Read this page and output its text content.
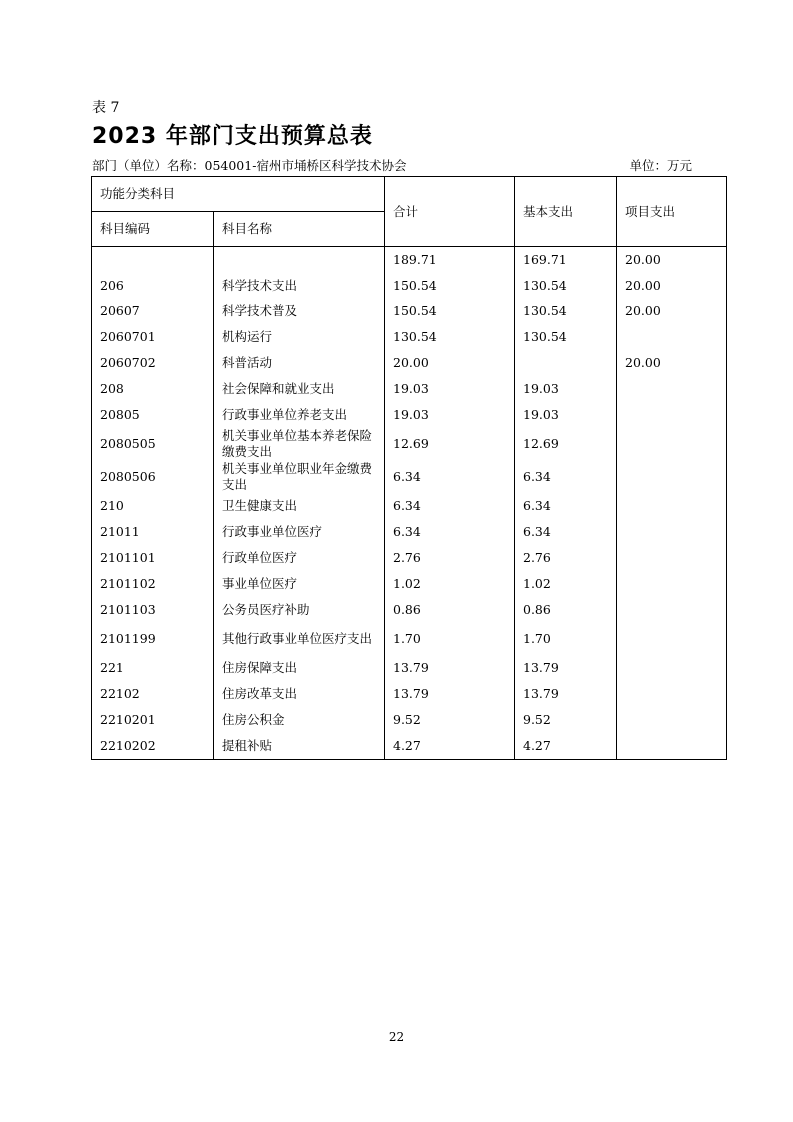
表 7
2023 年部门支出预算总表
部门（单位）名称：054001-宿州市埇桥区科学技术协会	单位：万元
功能分类科目		合计	基本支出	项目支出
科目编码	科目名称			
		189.71	169.71	20.00
206	科学技术支出	150.54	130.54	20.00
20607	科学技术普及	150.54	130.54	20.00
2060701	机构运行	130.54	130.54	
2060702	科普活动	20.00		20.00
208	社会保障和就业支出	19.03	19.03	
20805	行政事业单位养老支出	19.03	19.03	
2080505	机关事业单位基本养老保险缴费支出	12.69	12.69	
2080506	机关事业单位职业年金缴费支出	6.34	6.34	
210	卫生健康支出	6.34	6.34	
21011	行政事业单位医疗	6.34	6.34	
2101101	行政单位医疗	2.76	2.76	
2101102	事业单位医疗	1.02	1.02	
2101103	公务员医疗补助	0.86	0.86	
2101199	其他行政事业单位医疗支出	1.70	1.70	
221	住房保障支出	13.79	13.79	
22102	住房改革支出	13.79	13.79	
2210201	住房公积金	9.52	9.52	
2210202	提租补贴	4.27	4.27	
22
